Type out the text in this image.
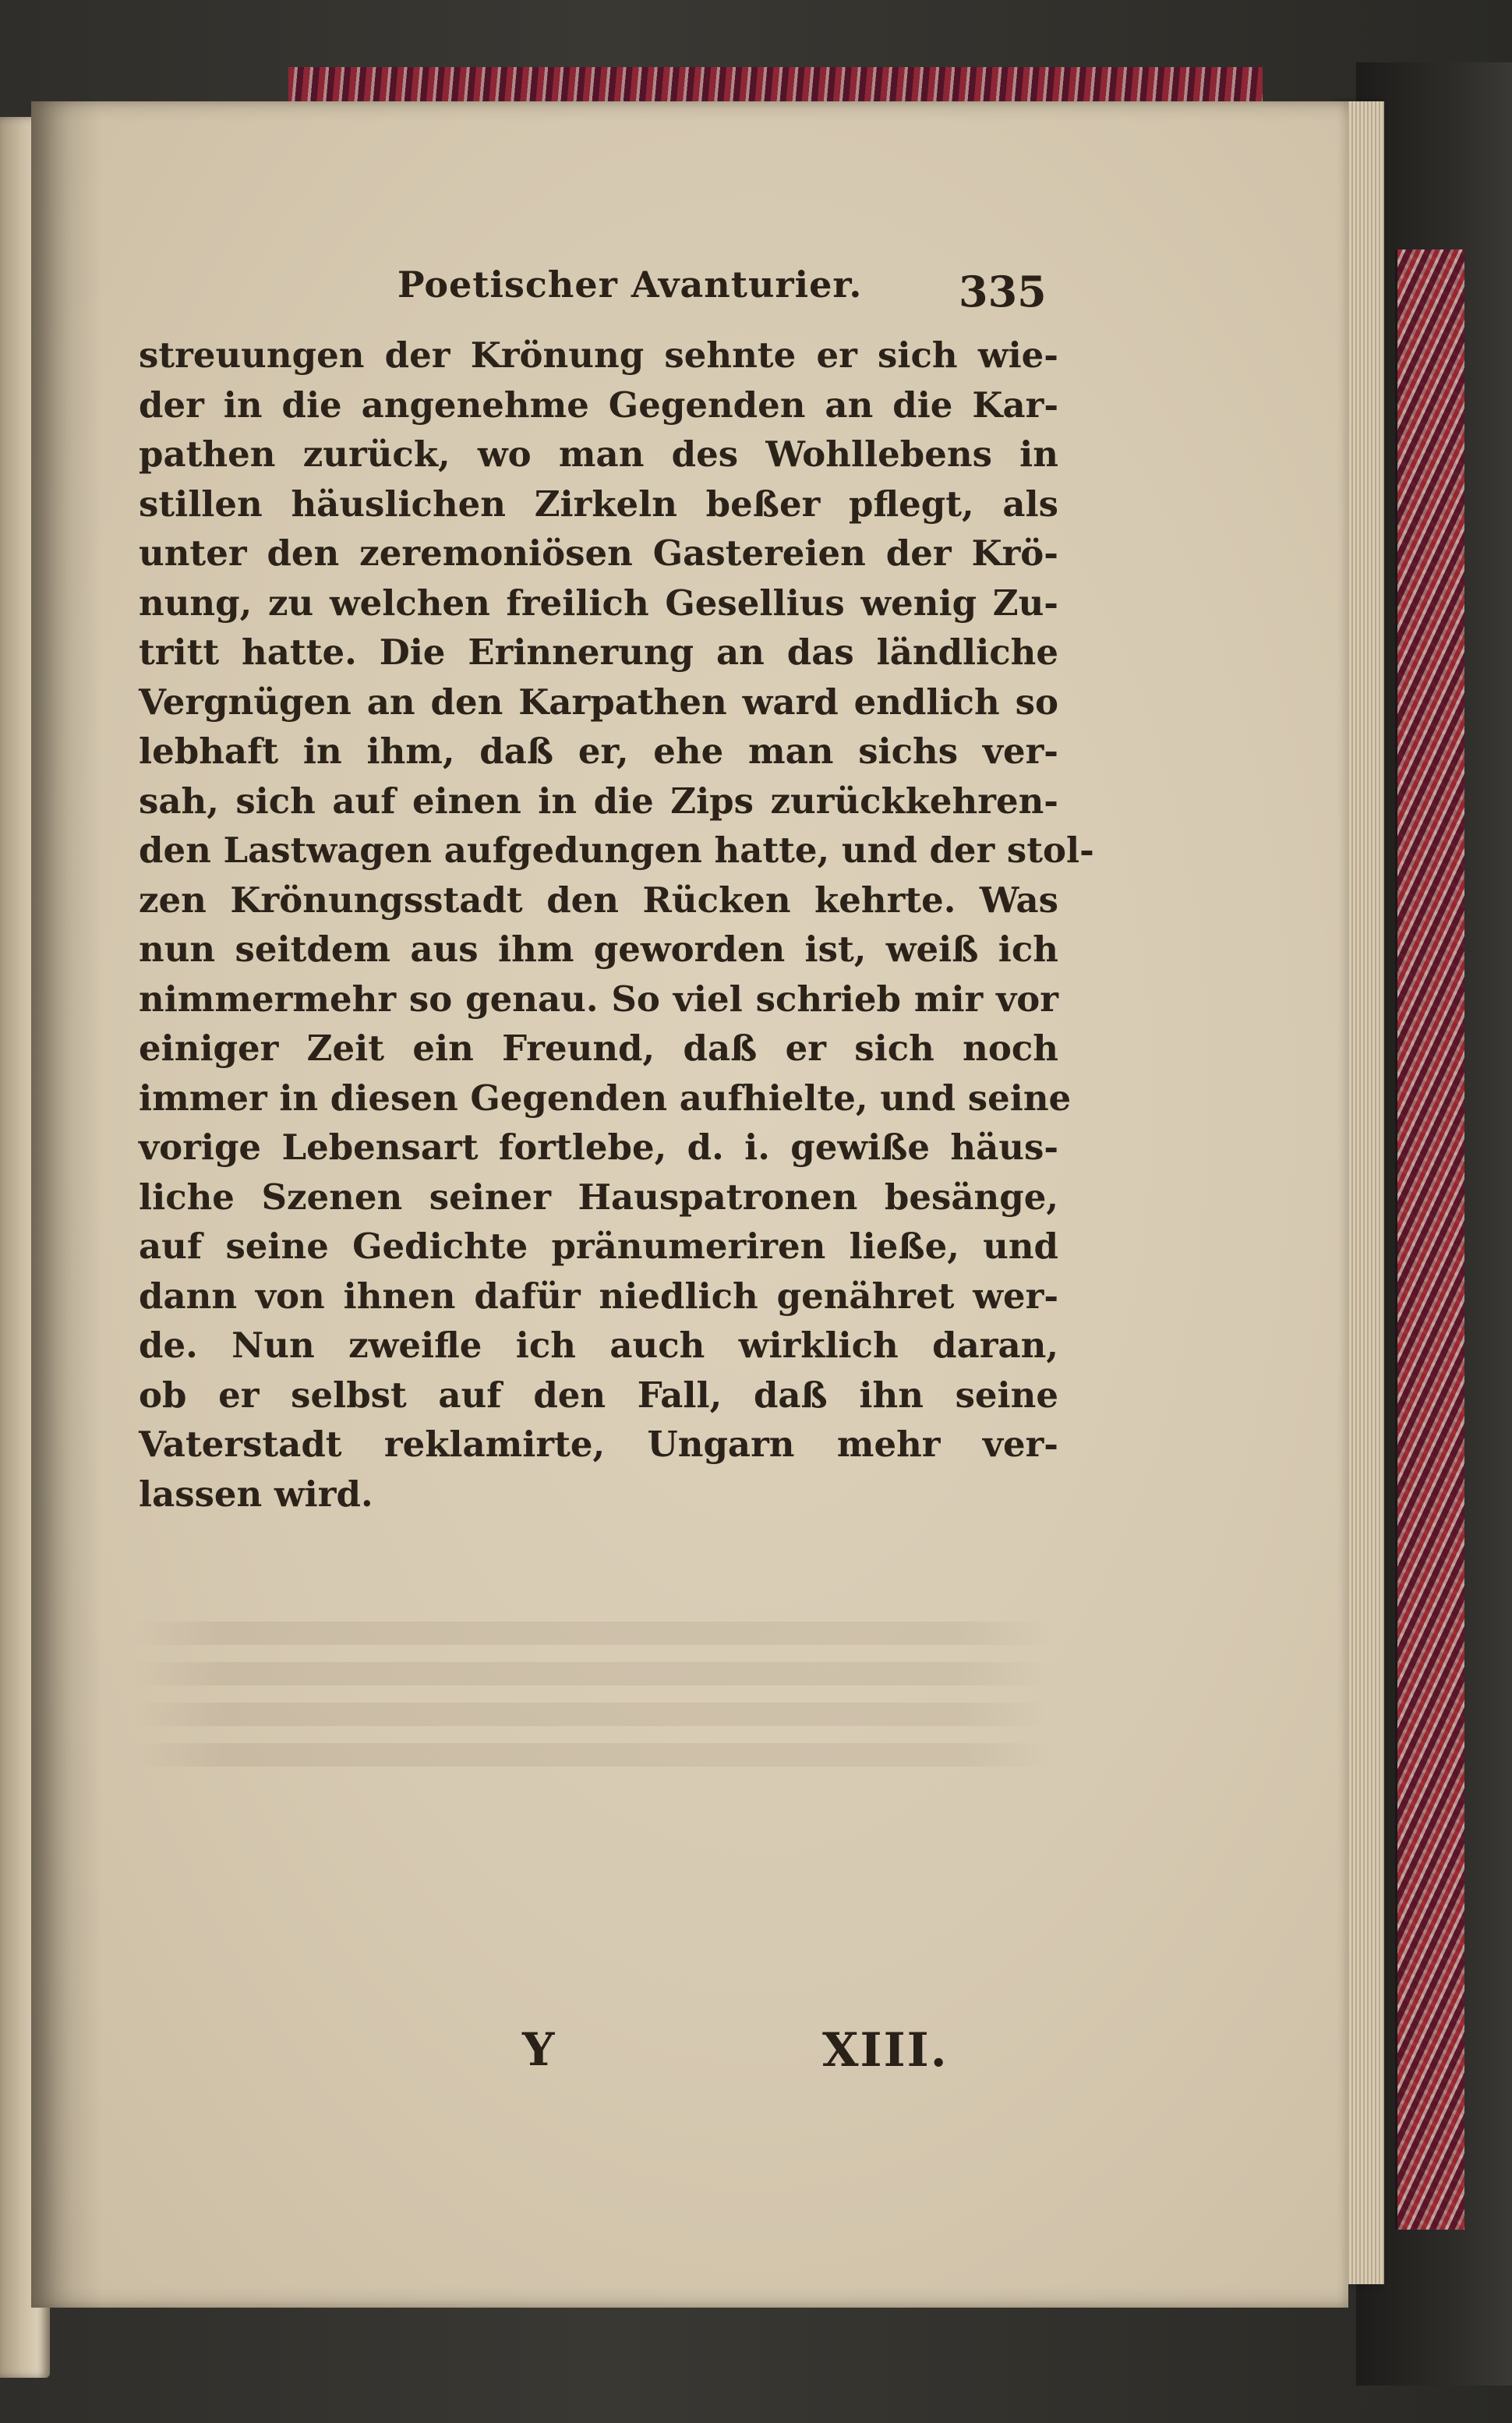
Poetischer Avanturier. 335
streuungen der Krönung sehnte er sich wie-
der in die angenehme Gegenden an die Kar-
pathen zurück, wo man des Wohllebens in
stillen häuslichen Zirkeln beßer pflegt, als
unter den zeremoniösen Gastereien der Krö-
nung, zu welchen freilich Gesellius wenig Zu-
tritt hatte. Die Erinnerung an das ländliche
Vergnügen an den Karpathen ward endlich so
lebhaft in ihm, daß er, ehe man sichs ver-
sah, sich auf einen in die Zips zurückkehren-
den Lastwagen aufgedungen hatte, und der stol-
zen Krönungsstadt den Rücken kehrte. Was
nun seitdem aus ihm geworden ist, weiß ich
nimmermehr so genau. So viel schrieb mir vor
einiger Zeit ein Freund, daß er sich noch
immer in diesen Gegenden aufhielte, und seine
vorige Lebensart fortlebe, d. i. gewiße häus-
liche Szenen seiner Hauspatronen besänge,
auf seine Gedichte pränumeriren ließe, und
dann von ihnen dafür niedlich genähret wer-
de. Nun zweifle ich auch wirklich daran,
ob er selbst auf den Fall, daß ihn seine
Vaterstadt reklamirte, Ungarn mehr ver-
lassen wird.
Y	XIII.
